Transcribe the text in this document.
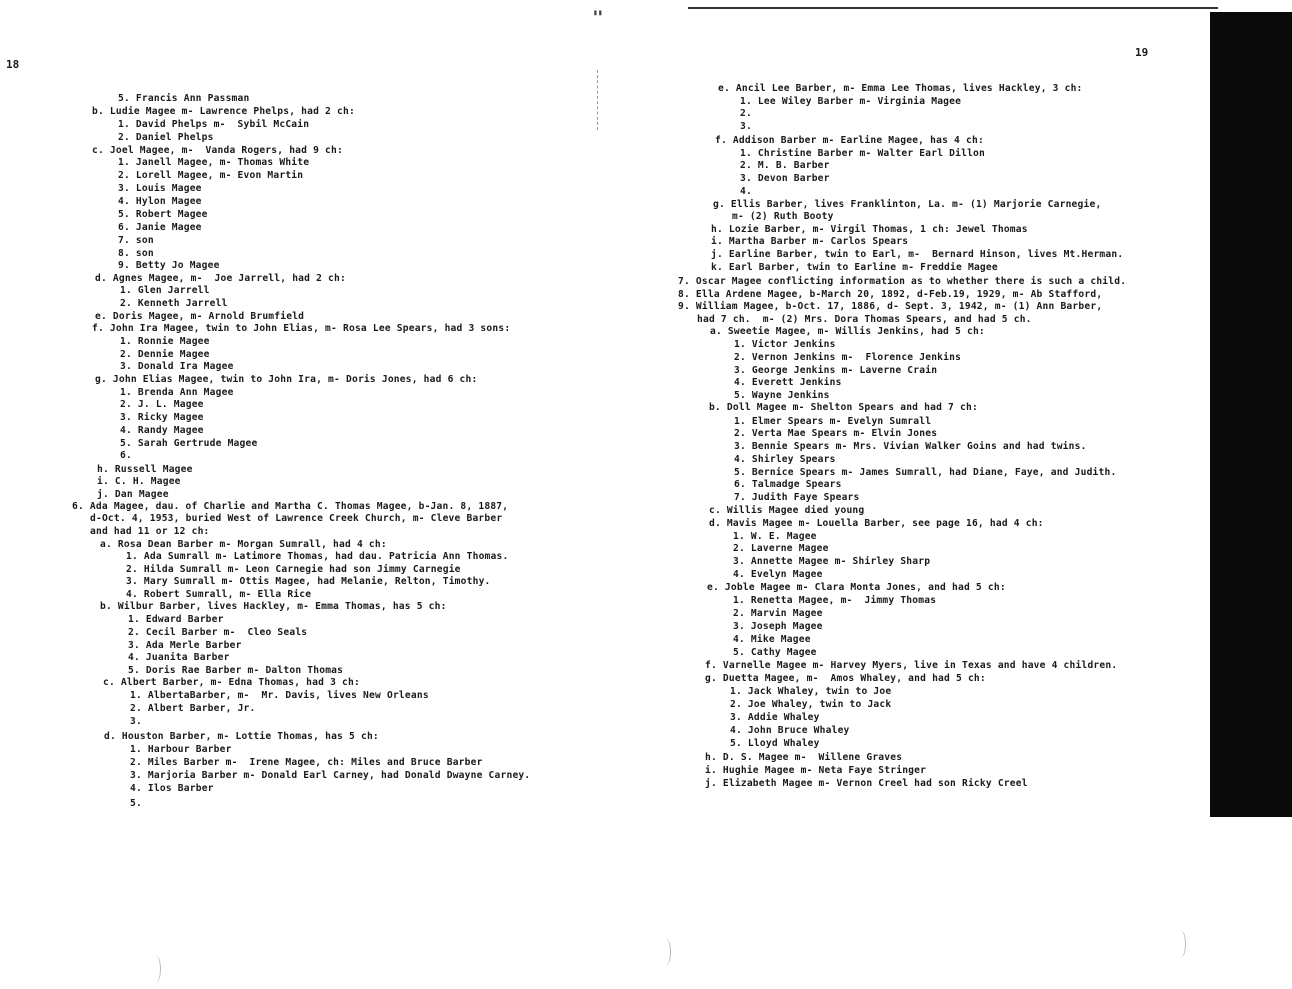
18
5. Francis Ann Passman
b. Ludie Magee m- Lawrence Phelps, had 2 ch:
1. David Phelps m-  Sybil McCain
2. Daniel Phelps
c. Joel Magee, m-  Vanda Rogers, had 9 ch:
1. Janell Magee, m- Thomas White
2. Lorell Magee, m- Evon Martin
3. Louis Magee
4. Hylon Magee
5. Robert Magee
6. Janie Magee
7. son
8. son
9. Betty Jo Magee
d. Agnes Magee, m-  Joe Jarrell, had 2 ch:
1. Glen Jarrell
2. Kenneth Jarrell
e. Doris Magee, m- Arnold Brumfield
f. John Ira Magee, twin to John Elias, m- Rosa Lee Spears, had 3 sons:
1. Ronnie Magee
2. Dennie Magee
3. Donald Ira Magee
g. John Elias Magee, twin to John Ira, m- Doris Jones, had 6 ch:
1. Brenda Ann Magee
2. J. L. Magee
3. Ricky Magee
4. Randy Magee
5. Sarah Gertrude Magee
6.
h. Russell Magee
i. C. H. Magee
j. Dan Magee
6. Ada Magee, dau. of Charlie and Martha C. Thomas Magee, b-Jan. 8, 1887,
d-Oct. 4, 1953, buried West of Lawrence Creek Church, m- Cleve Barber
and had 11 or 12 ch:
a. Rosa Dean Barber m- Morgan Sumrall, had 4 ch:
1. Ada Sumrall m- Latimore Thomas, had dau. Patricia Ann Thomas.
2. Hilda Sumrall m- Leon Carnegie had son Jimmy Carnegie
3. Mary Sumrall m- Ottis Magee, had Melanie, Relton, Timothy.
4. Robert Sumrall, m- Ella Rice
b. Wilbur Barber, lives Hackley, m- Emma Thomas, has 5 ch:
1. Edward Barber
2. Cecil Barber m-  Cleo Seals
3. Ada Merle Barber
4. Juanita Barber
5. Doris Rae Barber m- Dalton Thomas
c. Albert Barber, m- Edna Thomas, had 3 ch:
1. AlbertaBarber, m-  Mr. Davis, lives New Orleans
2. Albert Barber, Jr.
3.
d. Houston Barber, m- Lottie Thomas, has 5 ch:
1. Harbour Barber
2. Miles Barber m-  Irene Magee, ch: Miles and Bruce Barber
3. Marjoria Barber m- Donald Earl Carney, had Donald Dwayne Carney.
4. Ilos Barber
5.
▮▮
19
e. Ancil Lee Barber, m- Emma Lee Thomas, lives Hackley, 3 ch:
1. Lee Wiley Barber m- Virginia Magee
2.
3.
f. Addison Barber m- Earline Magee, has 4 ch:
1. Christine Barber m- Walter Earl Dillon
2. M. B. Barber
3. Devon Barber
4.
g. Ellis Barber, lives Franklinton, La. m- (1) Marjorie Carnegie,
m- (2) Ruth Booty
h. Lozie Barber, m- Virgil Thomas, 1 ch: Jewel Thomas
i. Martha Barber m- Carlos Spears
j. Earline Barber, twin to Earl, m-  Bernard Hinson, lives Mt.Herman.
k. Earl Barber, twin to Earline m- Freddie Magee
7. Oscar Magee conflicting information as to whether there is such a child.
8. Ella Ardene Magee, b-March 20, 1892, d-Feb.19, 1929, m- Ab Stafford,
9. William Magee, b-Oct. 17, 1886, d- Sept. 3, 1942, m- (1) Ann Barber,
had 7 ch.  m- (2) Mrs. Dora Thomas Spears, and had 5 ch.
a. Sweetie Magee, m- Willis Jenkins, had 5 ch:
1. Victor Jenkins
2. Vernon Jenkins m-  Florence Jenkins
3. George Jenkins m- Laverne Crain
4. Everett Jenkins
5. Wayne Jenkins
b. Doll Magee m- Shelton Spears and had 7 ch:
1. Elmer Spears m- Evelyn Sumrall
2. Verta Mae Spears m- Elvin Jones
3. Bennie Spears m- Mrs. Vivian Walker Goins and had twins.
4. Shirley Spears
5. Bernice Spears m- James Sumrall, had Diane, Faye, and Judith.
6. Talmadge Spears
7. Judith Faye Spears
c. Willis Magee died young
d. Mavis Magee m- Louella Barber, see page 16, had 4 ch:
1. W. E. Magee
2. Laverne Magee
3. Annette Magee m- Shirley Sharp
4. Evelyn Magee
e. Joble Magee m- Clara Monta Jones, and had 5 ch:
1. Renetta Magee, m-  Jimmy Thomas
2. Marvin Magee
3. Joseph Magee
4. Mike Magee
5. Cathy Magee
f. Varnelle Magee m- Harvey Myers, live in Texas and have 4 children.
g. Duetta Magee, m-  Amos Whaley, and had 5 ch:
1. Jack Whaley, twin to Joe
2. Joe Whaley, twin to Jack
3. Addie Whaley
4. John Bruce Whaley
5. Lloyd Whaley
h. D. S. Magee m-  Willene Graves
i. Hughie Magee m- Neta Faye Stringer
j. Elizabeth Magee m- Vernon Creel had son Ricky Creel
